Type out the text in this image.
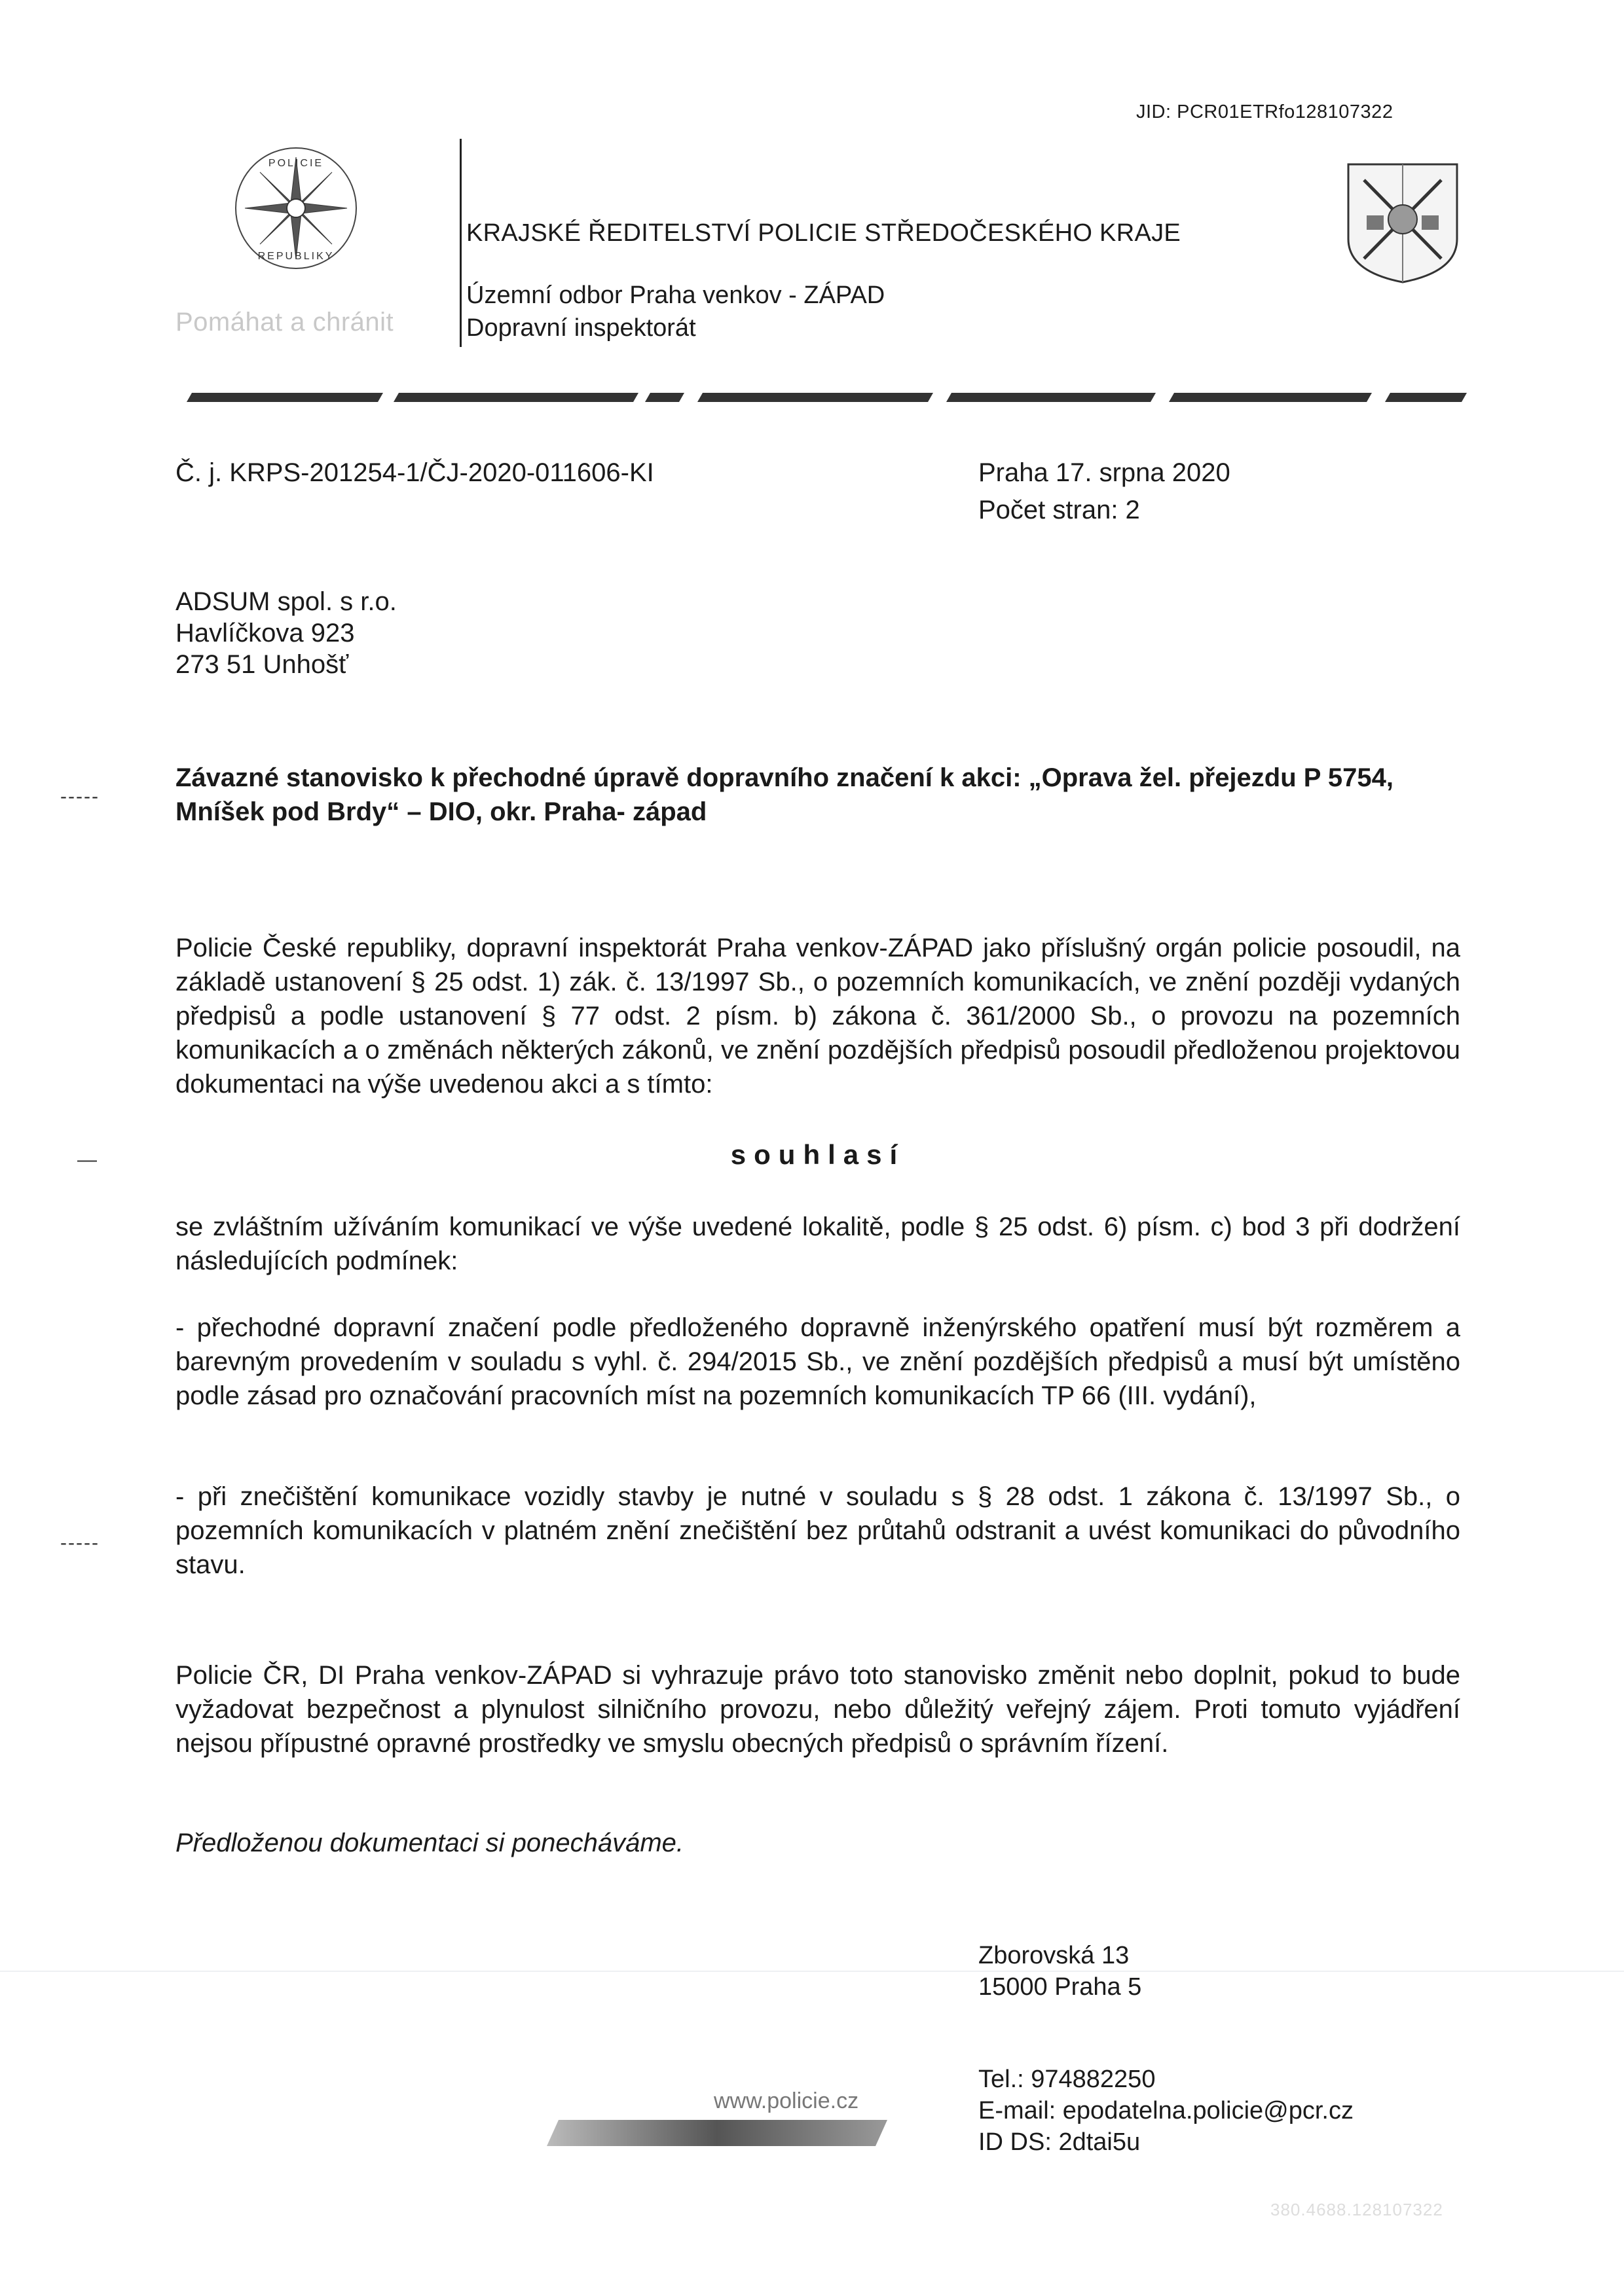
JID: PCR01ETRfo128107322
POLICIE
REPUBLIKY
Pomáhat a chránit
KRAJSKÉ ŘEDITELSTVÍ POLICIE STŘEDOČESKÉHO KRAJE
Územní odbor Praha venkov - ZÁPAD
Dopravní inspektorát
Č. j. KRPS-201254-1/ČJ-2020-011606-KI	Praha 17. srpna 2020
Počet stran: 2
ADSUM spol. s r.o.
Havlíčkova 923
273 51 Unhošť
-----
—
-----
Závazné stanovisko k přechodné úpravě dopravního značení k akci: „Oprava žel. přejezdu P 5754, Mníšek pod Brdy“ – DIO, okr. Praha- západ
Policie České republiky, dopravní inspektorát Praha venkov-ZÁPAD jako příslušný orgán policie posoudil, na základě ustanovení § 25 odst. 1) zák. č. 13/1997 Sb., o pozemních komunikacích, ve znění později vydaných předpisů a podle ustanovení § 77 odst. 2 písm. b) zákona č. 361/2000 Sb., o provozu na pozemních komunikacích a o změnách některých zákonů, ve znění pozdějších předpisů posoudil předloženou projektovou dokumentaci na výše uvedenou akci a s tímto:
souhlasí
se zvláštním užíváním komunikací ve výše uvedené lokalitě, podle § 25 odst. 6) písm. c) bod 3 při dodržení následujících podmínek:
- přechodné dopravní značení podle předloženého dopravně inženýrského opatření musí být rozměrem a barevným provedením v souladu s vyhl. č. 294/2015 Sb., ve znění pozdějších předpisů a musí být umístěno podle zásad pro označování pracovních míst na pozemních komunikacích TP 66 (III. vydání),
- při znečištění komunikace vozidly stavby je nutné v souladu s § 28 odst. 1 zákona č. 13/1997 Sb., o pozemních komunikacích v platném znění znečištění bez průtahů odstranit a uvést komunikaci do původního stavu.
Policie ČR, DI Praha venkov-ZÁPAD si vyhrazuje právo toto stanovisko změnit nebo doplnit, pokud to bude vyžadovat bezpečnost a plynulost silničního provozu, nebo důležitý veřejný zájem. Proti tomuto vyjádření nejsou přípustné opravné prostředky ve smyslu obecných předpisů o správním řízení.
Předloženou dokumentaci si ponecháváme.
Zborovská 13
15000 Praha 5
Tel.: 974882250
E-mail: epodatelna.policie@pcr.cz
ID DS: 2dtai5u
www.policie.cz
380.4688.128107322
